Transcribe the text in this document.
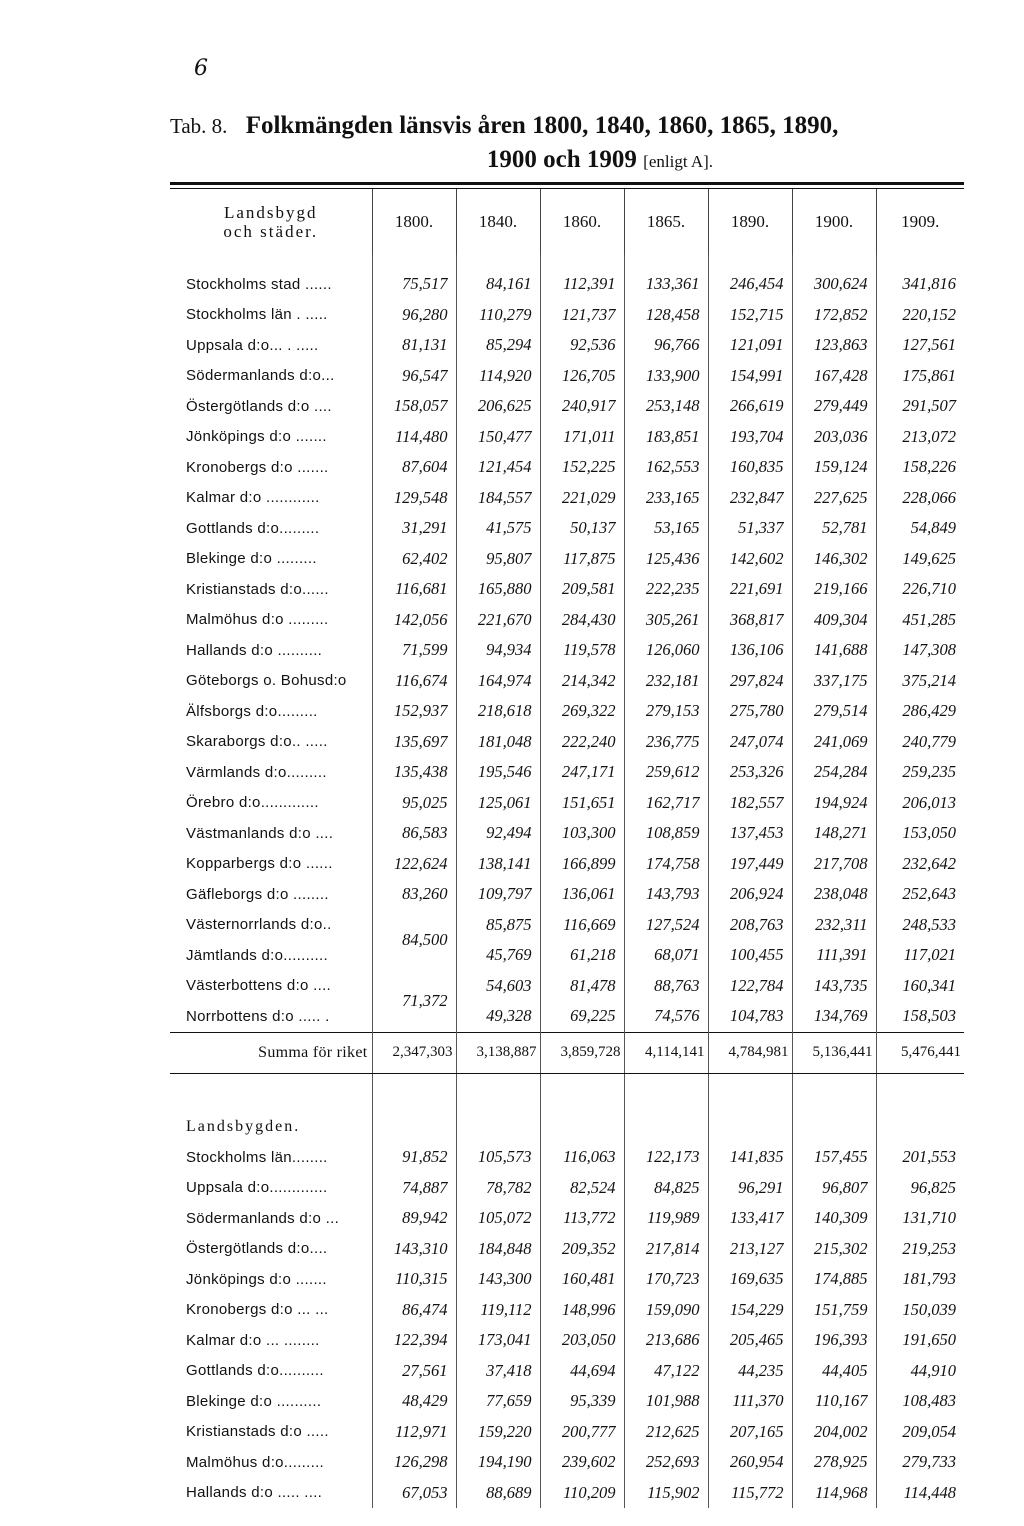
6
Tab. 8. Folkmängden länsvis åren 1800, 1840, 1860, 1865, 1890,
1900 och 1909 [enligt A].
Landsbygd
och städer.	1800.	1840.	1860.	1865.	1890.	1900.	1909.

Stockholms stad ......	75,517	84,161	112,391	133,361	246,454	300,624	341,816
Stockholms län . .....	96,280	110,279	121,737	128,458	152,715	172,852	220,152
Uppsala d:o... . .....	81,131	85,294	92,536	96,766	121,091	123,863	127,561
Södermanlands d:o...	96,547	114,920	126,705	133,900	154,991	167,428	175,861
Östergötlands d:o ....	158,057	206,625	240,917	253,148	266,619	279,449	291,507
Jönköpings d:o .......	114,480	150,477	171,011	183,851	193,704	203,036	213,072
Kronobergs d:o .......	87,604	121,454	152,225	162,553	160,835	159,124	158,226
Kalmar d:o ............	129,548	184,557	221,029	233,165	232,847	227,625	228,066
Gottlands d:o.........	31,291	41,575	50,137	53,165	51,337	52,781	54,849
Blekinge d:o .........	62,402	95,807	117,875	125,436	142,602	146,302	149,625
Kristianstads d:o......	116,681	165,880	209,581	222,235	221,691	219,166	226,710
Malmöhus d:o .........	142,056	221,670	284,430	305,261	368,817	409,304	451,285
Hallands d:o ..........	71,599	94,934	119,578	126,060	136,106	141,688	147,308
Göteborgs o. Bohusd:o	116,674	164,974	214,342	232,181	297,824	337,175	375,214
Älfsborgs d:o.........	152,937	218,618	269,322	279,153	275,780	279,514	286,429
Skaraborgs d:o.. .....	135,697	181,048	222,240	236,775	247,074	241,069	240,779
Värmlands d:o.........	135,438	195,546	247,171	259,612	253,326	254,284	259,235
Örebro d:o.............	95,025	125,061	151,651	162,717	182,557	194,924	206,013
Västmanlands d:o ....	86,583	92,494	103,300	108,859	137,453	148,271	153,050
Kopparbergs d:o ......	122,624	138,141	166,899	174,758	197,449	217,708	232,642
Gäfleborgs d:o ........	83,260	109,797	136,061	143,793	206,924	238,048	252,643
Västernorrlands d:o..	84,500	85,875	116,669	127,524	208,763	232,311	248,533
Jämtlands d:o..........		45,769	61,218	68,071	100,455	111,391	117,021
Västerbottens d:o ....	71,372	54,603	81,478	88,763	122,784	143,735	160,341
Norrbottens d:o ..... .		49,328	69,225	74,576	104,783	134,769	158,503
Summa för riket	2,347,303	3,138,887	3,859,728	4,114,141	4,784,981	5,136,441	5,476,441

Landsbygden.							
Stockholms län........	91,852	105,573	116,063	122,173	141,835	157,455	201,553
Uppsala d:o.............	74,887	78,782	82,524	84,825	96,291	96,807	96,825
Södermanlands d:o ...	89,942	105,072	113,772	119,989	133,417	140,309	131,710
Östergötlands d:o....	143,310	184,848	209,352	217,814	213,127	215,302	219,253
Jönköpings d:o .......	110,315	143,300	160,481	170,723	169,635	174,885	181,793
Kronobergs d:o ... ...	86,474	119,112	148,996	159,090	154,229	151,759	150,039
Kalmar d:o ... ........	122,394	173,041	203,050	213,686	205,465	196,393	191,650
Gottlands d:o..........	27,561	37,418	44,694	47,122	44,235	44,405	44,910
Blekinge d:o ..........	48,429	77,659	95,339	101,988	111,370	110,167	108,483
Kristianstads d:o .....	112,971	159,220	200,777	212,625	207,165	204,002	209,054
Malmöhus d:o.........	126,298	194,190	239,602	252,693	260,954	278,925	279,733
Hallands d:o ..... ....	67,053	88,689	110,209	115,902	115,772	114,968	114,448
